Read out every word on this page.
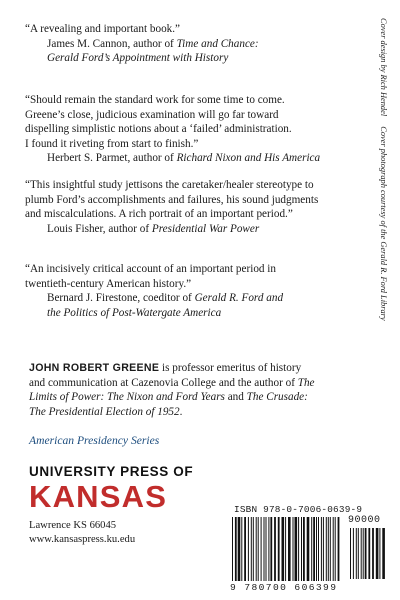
“A revealing and important book.”
James M. Cannon, author of Time and Chance:
Gerald Ford’s Appointment with History
“Should remain the standard work for some time to come.
Greene’s close, judicious examination will go far toward
dispelling simplistic notions about a ‘failed’ administration.
I found it riveting from start to finish.”
Herbert S. Parmet, author of Richard Nixon and His America
“This insightful study jettisons the caretaker/healer stereotype to
plumb Ford’s accomplishments and failures, his sound judgments
and miscalculations. A rich portrait of an important period.”
Louis Fisher, author of Presidential War Power
“An incisively critical account of an important period in
twentieth-century American history.”
Bernard J. Firestone, coeditor of Gerald R. Ford and
the Politics of Post-Watergate America
JOHN ROBERT GREENE is professor emeritus of history
and communication at Cazenovia College and the author of The
Limits of Power: The Nixon and Ford Years and The Crusade:
The Presidential Election of 1952.
American Presidency Series
UNIVERSITY PRESS OF
KANSAS
Lawrence KS 66045
www.kansaspress.ku.edu
Cover design by Rich Hendel Cover photograph courtesy of the Gerald R. Ford Library
ISBN 978-0-7006-0639-9
90000
9 780700 606399
